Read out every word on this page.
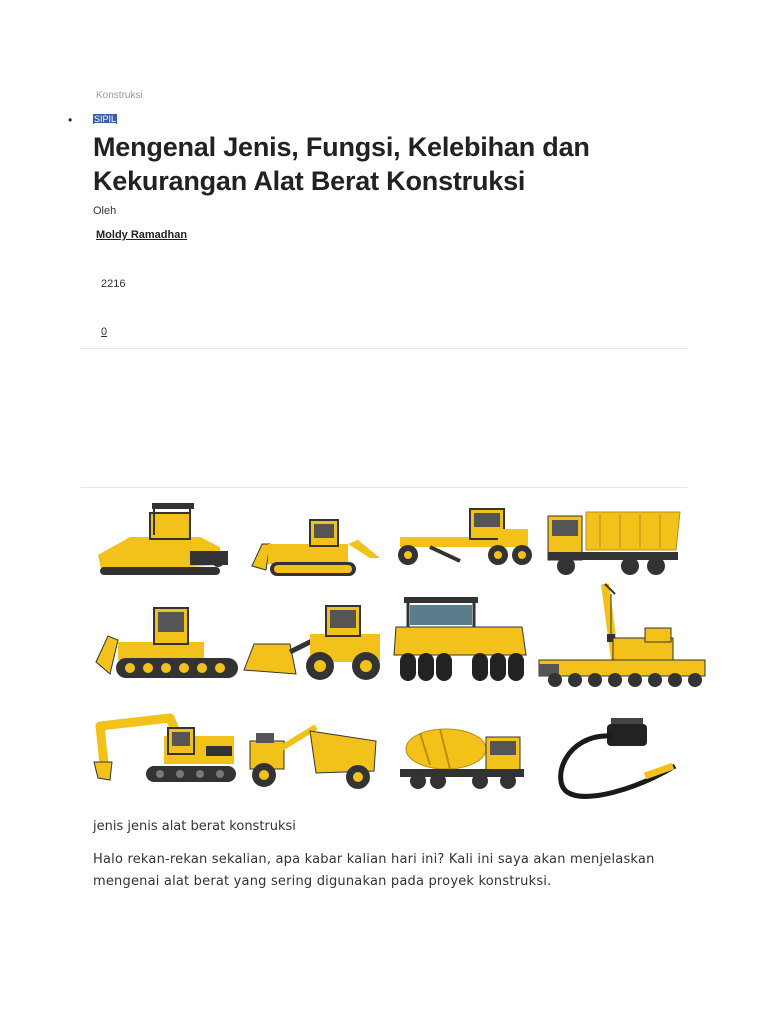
Konstruksi
• SIPIL
Mengenal Jenis, Fungsi, Kelebihan dan Kekurangan Alat Berat Konstruksi
Oleh
Moldy Ramadhan
2216
0
jenis jenis alat berat konstruksi

Halo rekan-rekan sekalian, apa kabar kalian hari ini? Kali ini saya akan menjelaskan mengenai alat berat yang sering digunakan pada proyek konstruksi.
